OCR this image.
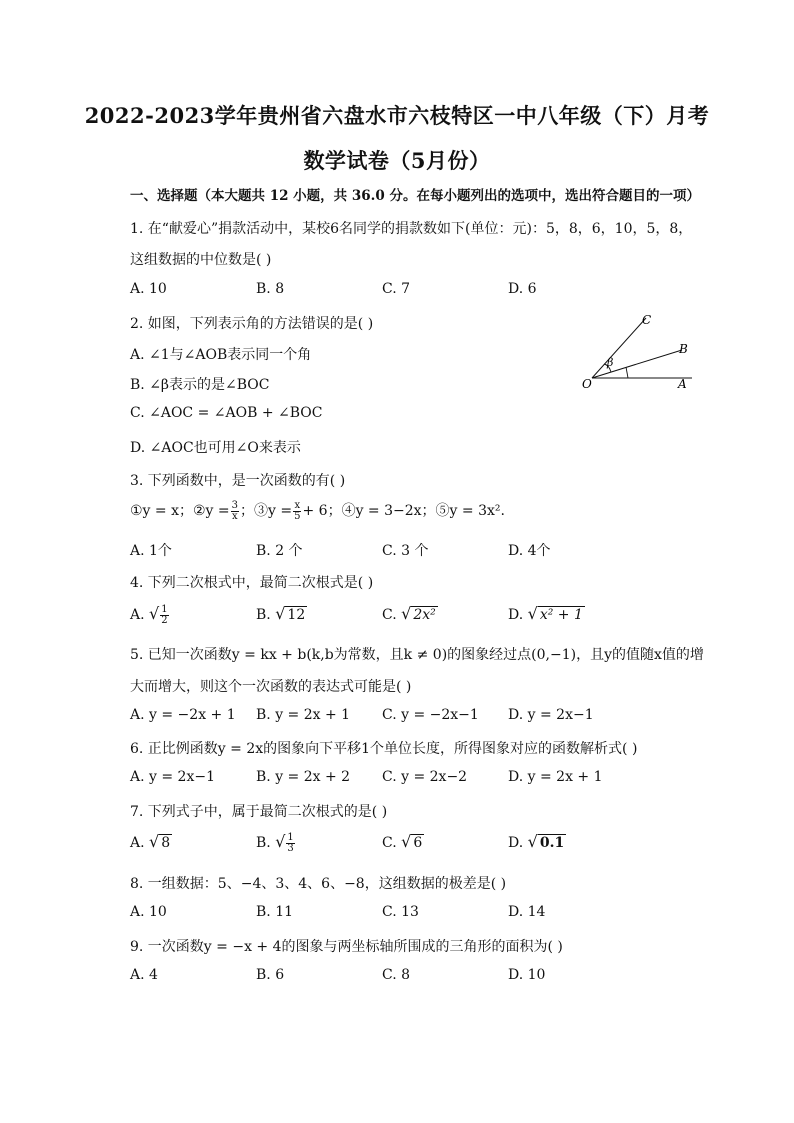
2022-2023学年贵州省六盘水市六枝特区一中八年级（下）月考
数学试卷（5月份）
一、选择题（本大题共 12 小题，共 36.0 分。在每小题列出的选项中，选出符合题目的一项）
1. 在“献爱心”捐款活动中，某校6名同学的捐款数如下(单位：元)：5，8，6，10，5，8，
这组数据的中位数是( )
A. 10	B. 8	C. 7	D. 6
2. 如图，下列表示角的方法错误的是( )
A. ∠1与∠AOB表示同一个角
B. ∠β表示的是∠BOC
C. ∠AOC = ∠AOB + ∠BOC
D. ∠AOC也可用∠O来表示
C
B
O	A
β
3. 下列函数中，是一次函数的有( )
①y = x；②y = $\frac{3}{x}$ ；③y = $\frac{x}{5} + 6$；④y = 3−2x；⑤y = 3x².
A. 1个	B. 2 个	C. 3 个	D. 4个
4. 下列二次根式中，最简二次根式是( )
A. √ $\frac{1}{2}$	B. √ 12	C. √ 2x²	D. √ x² + 1
5. 已知一次函数y = kx + b(k,b为常数，且k ≠ 0)的图象经过点(0,−1)，且y的值随x值的增
大而增大，则这个一次函数的表达式可能是( )
A. y = −2x + 1 B. y = 2x + 1 C. y = −2x−1 D. y = 2x−1
6. 正比例函数y = 2x的图象向下平移1个单位长度，所得图象对应的函数解析式( )
A. y = 2x−1	B. y = 2x + 2 C. y = 2x−2	D. y = 2x + 1
7. 下列式子中，属于最简二次根式的是( )
A. √ 8	B. √ $\frac{1}{3}$	C. √ 6	D. √ 0.1
8. 一组数据：5、−4、3、4、6、−8，这组数据的极差是( )
A. 10	B. 11	C. 13	D. 14
9. 一次函数y = −x + 4的图象与两坐标轴所围成的三角形的面积为( )
A. 4	B. 6	C. 8	D. 10
